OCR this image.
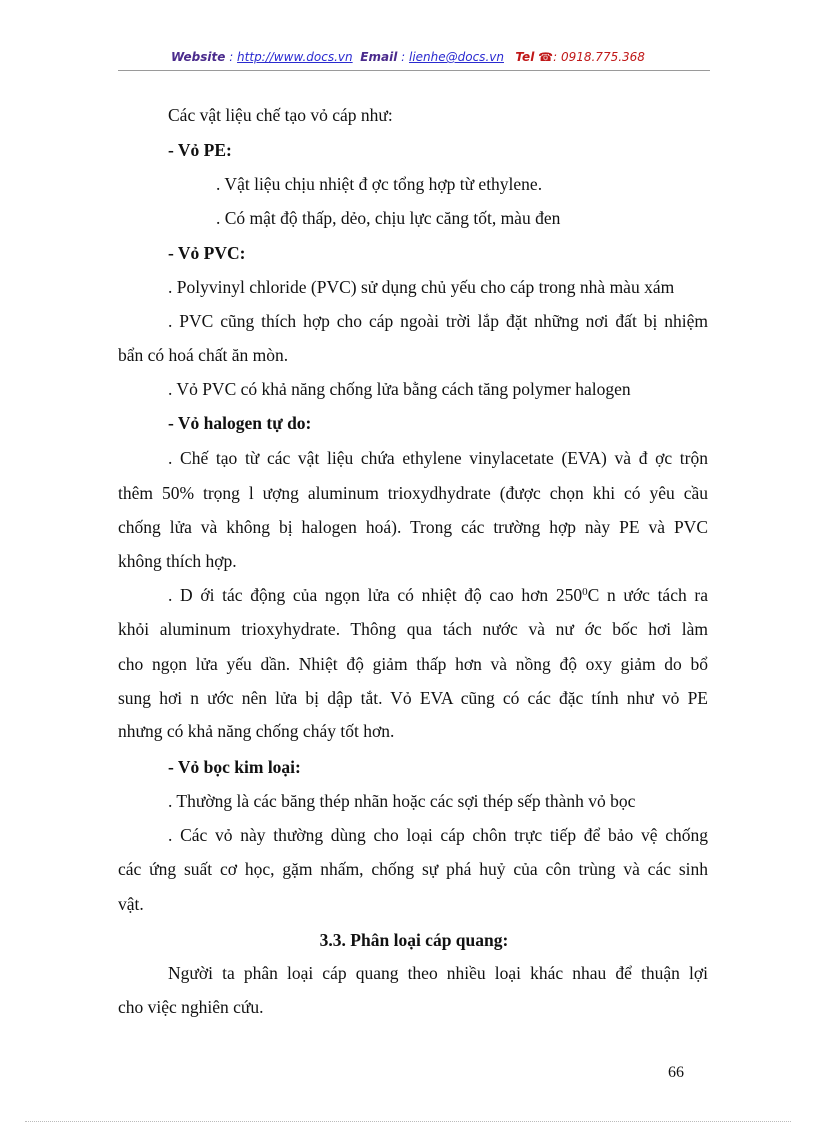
Website : http://www.docs.vn Email : lienhe@docs.vn Tel ☎: 0918.775.368
Các vật liệu chế tạo vỏ cáp như:
- Vỏ PE:
. Vật liệu chịu nhiệt đ ợc tổng hợp từ ethylene.
. Có mật độ thấp, dẻo, chịu lực căng tốt, màu đen
- Vỏ PVC:
. Polyvinyl chloride (PVC) sử dụng chủ yếu cho cáp trong nhà màu xám
. PVC cũng thích hợp cho cáp ngoài trời lắp đặt những nơi đất bị nhiệm
bẩn có hoá chất ăn mòn.
. Vỏ PVC có khả năng chống lửa bằng cách tăng polymer halogen
- Vỏ halogen tự do:
. Chế tạo từ các vật liệu chứa ethylene vinylacetate (EVA) và đ ợc trộn
thêm 50% trọng l ượng aluminum trioxydhydrate (được chọn khi có yêu cầu
chống lửa và không bị halogen hoá). Trong các trường hợp này PE và PVC
không thích hợp.
. D ới tác động của ngọn lửa có nhiệt độ cao hơn $250^0C$ n ước tách ra
khỏi aluminum trioxyhydrate. Thông qua tách nước và nư ớc bốc hơi làm
cho ngọn lửa yếu dần. Nhiệt độ giảm thấp hơn và nồng độ oxy giảm do bổ
sung hơi n ước nên lửa bị dập tắt. Vỏ EVA cũng có các đặc tính như vỏ PE
nhưng có khả năng chống cháy tốt hơn.
- Vỏ bọc kim loại:
. Thường là các băng thép nhãn hoặc các sợi thép sếp thành vỏ bọc
. Các vỏ này thường dùng cho loại cáp chôn trực tiếp để bảo vệ chống
các ứng suất cơ học, gặm nhấm, chống sự phá huỷ của côn trùng và các sinh
vật.
3.3. Phân loại cáp quang:
Người ta phân loại cáp quang theo nhiều loại khác nhau để thuận lợi
cho việc nghiên cứu.
66
